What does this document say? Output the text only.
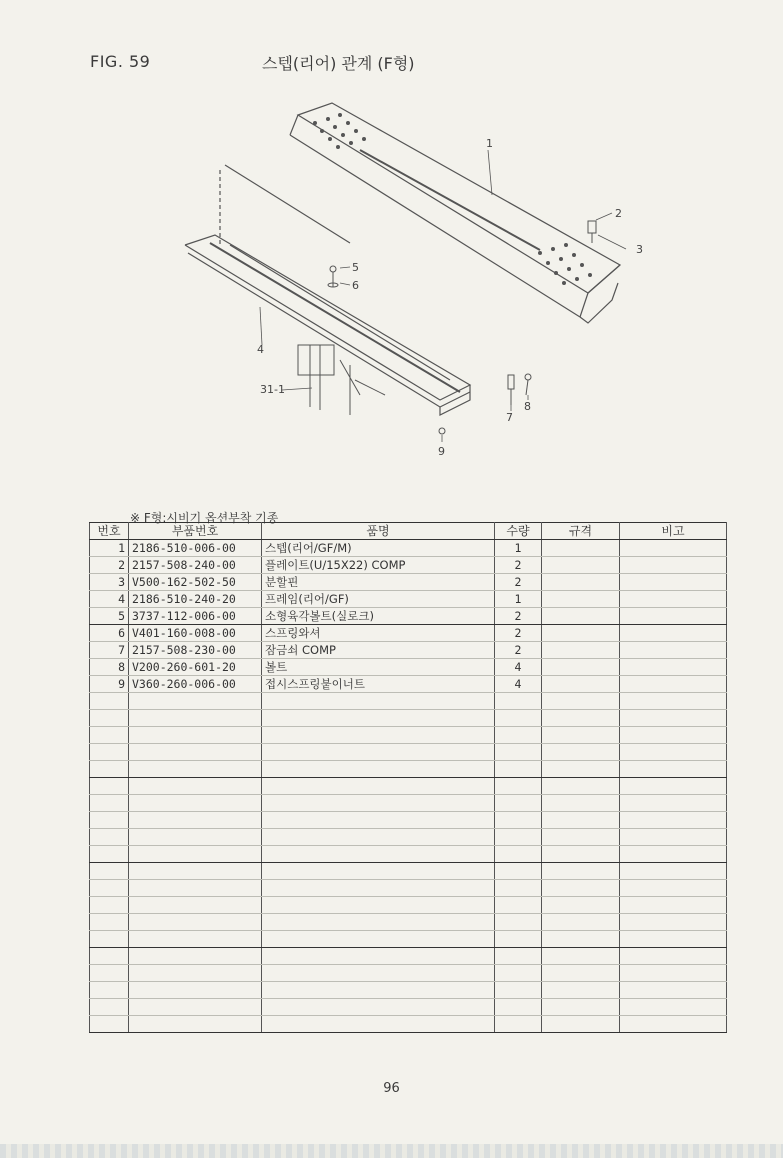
FIG. 59	스텝(리어) 관계 (F형)
1
2
3
4
5
6
7
8
9
31-1
※ F형:시비기 옵션부착 기종
번호	부품번호	품명	수량	규격	비고
1	2186-510-006-00	스텝(리어/GF/M)	1		
2	2157-508-240-00	플레이트(U/15X22) COMP	2		
3	V500-162-502-50	분할핀	2		
4	2186-510-240-20	프레임(리어/GF)	1		
5	3737-112-006-00	소형육각볼트(실로크)	2		
6	V401-160-008-00	스프링와셔	2		
7	2157-508-230-00	잠금쇠 COMP	2		
8	V200-260-601-20	볼트	4		
9	V360-260-006-00	접시스프링붙이너트	4		

96
